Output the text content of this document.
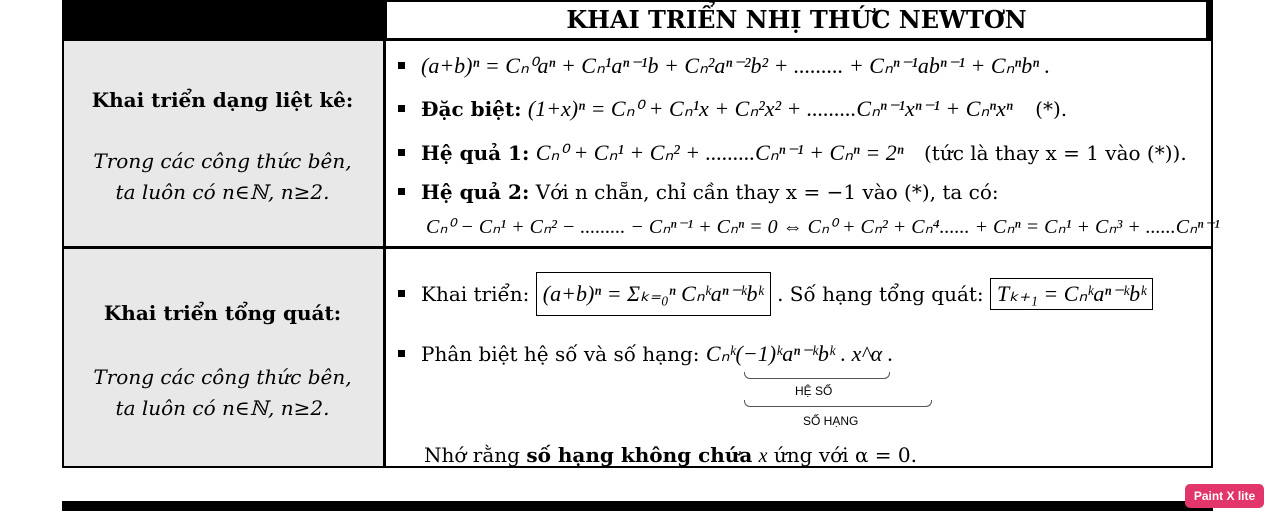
KHAI TRIỂN NHỊ THỨC NEWTƠN
Khai triển dạng liệt kê:
Trong các công thức bên,
ta luôn có n∈ℕ, n≥2.
(a+b)ⁿ = Cₙ⁰aⁿ + Cₙ¹aⁿ⁻¹b + Cₙ²aⁿ⁻²b² + ......... + Cₙⁿ⁻¹abⁿ⁻¹ + Cₙⁿbⁿ .
Đặc biệt: (1+x)ⁿ = Cₙ⁰ + Cₙ¹x + Cₙ²x² + .........Cₙⁿ⁻¹xⁿ⁻¹ + Cₙⁿxⁿ (*).
Hệ quả 1: Cₙ⁰ + Cₙ¹ + Cₙ² + .........Cₙⁿ⁻¹ + Cₙⁿ = 2ⁿ (tức là thay x = 1 vào (*)).
Hệ quả 2: Với n chẵn, chỉ cần thay x = −1 vào (*), ta có:
Cₙ⁰ − Cₙ¹ + Cₙ² − ......... − Cₙⁿ⁻¹ + Cₙⁿ = 0 ⇔ Cₙ⁰ + Cₙ² + Cₙ⁴...... + Cₙⁿ = Cₙ¹ + Cₙ³ + ......Cₙⁿ⁻¹
Khai triển tổng quát:
Trong các công thức bên,
ta luôn có n∈ℕ, n≥2.
Khai triển: (a+b)ⁿ = Σₖ₌₀ⁿ Cₙᵏaⁿ⁻ᵏbᵏ . Số hạng tổng quát: Tₖ₊₁ = Cₙᵏaⁿ⁻ᵏbᵏ
Phân biệt hệ số và số hạng: Cₙᵏ(−1)ᵏaⁿ⁻ᵏbᵏ . x^α .
HỆ SỐ
SỐ HẠNG
Nhớ rằng số hạng không chứa x ứng với α = 0.
Paint X lite
